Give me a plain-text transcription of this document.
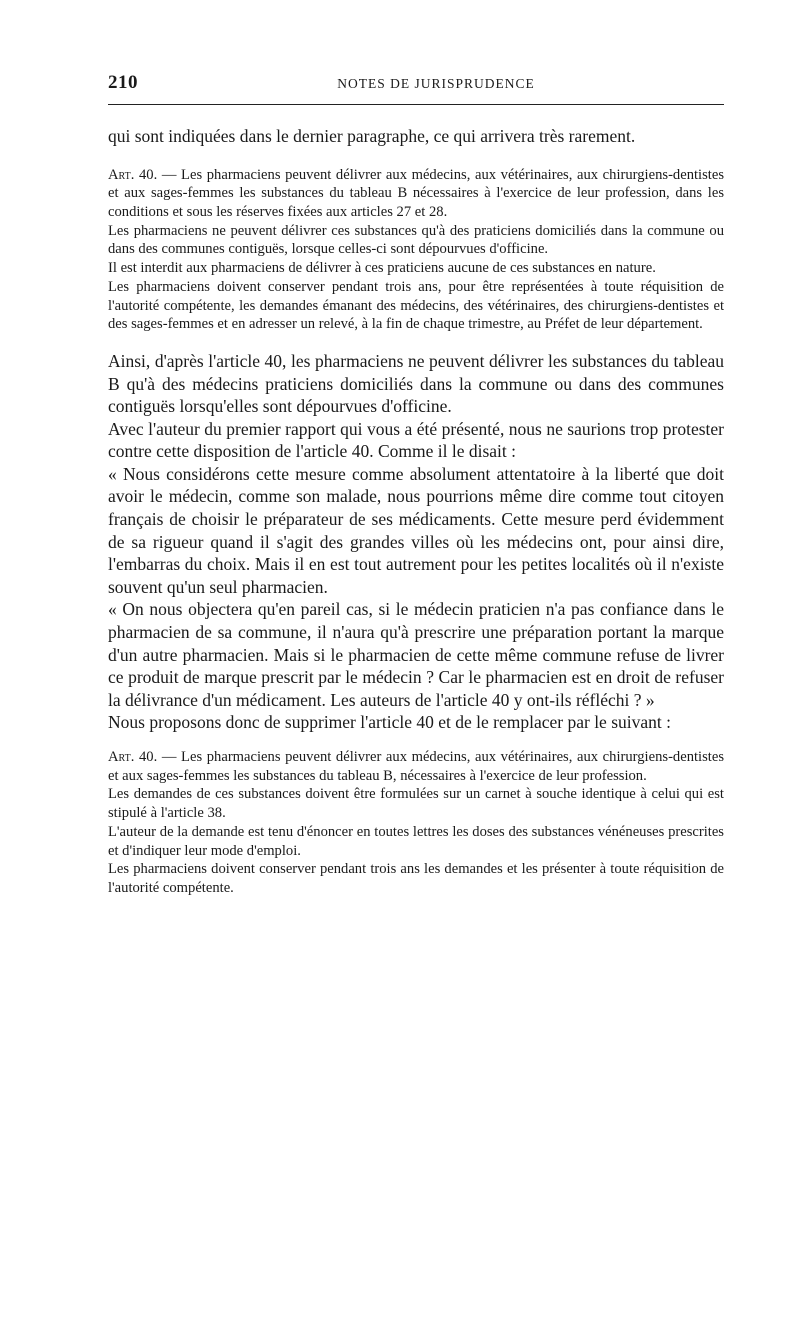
210	NOTES DE JURISPRUDENCE

qui sont indiquées dans le dernier paragraphe, ce qui arrivera très rarement.

Art. 40. — Les pharmaciens peuvent délivrer aux médecins, aux vétérinaires, aux chirurgiens-dentistes et aux sages-femmes les substances du tableau B nécessaires à l'exercice de leur profession, dans les conditions et sous les réserves fixées aux articles 27 et 28.

Les pharmaciens ne peuvent délivrer ces substances qu'à des praticiens domiciliés dans la commune ou dans des communes contiguës, lorsque celles-ci sont dépourvues d'officine.

Il est interdit aux pharmaciens de délivrer à ces praticiens aucune de ces substances en nature.

Les pharmaciens doivent conserver pendant trois ans, pour être représentées à toute réquisition de l'autorité compétente, les demandes émanant des médecins, des vétérinaires, des chirurgiens-dentistes et des sages-femmes et en adresser un relevé, à la fin de chaque trimestre, au Préfet de leur département.

Ainsi, d'après l'article 40, les pharmaciens ne peuvent délivrer les substances du tableau B qu'à des médecins praticiens domiciliés dans la commune ou dans des communes contiguës lorsqu'elles sont dépourvues d'officine.

Avec l'auteur du premier rapport qui vous a été présenté, nous ne saurions trop protester contre cette disposition de l'article 40. Comme il le disait :

« Nous considérons cette mesure comme absolument attentatoire à la liberté que doit avoir le médecin, comme son malade, nous pourrions même dire comme tout citoyen français de choisir le préparateur de ses médicaments. Cette mesure perd évidemment de sa rigueur quand il s'agit des grandes villes où les médecins ont, pour ainsi dire, l'embarras du choix. Mais il en est tout autrement pour les petites localités où il n'existe souvent qu'un seul pharmacien.

« On nous objectera qu'en pareil cas, si le médecin praticien n'a pas confiance dans le pharmacien de sa commune, il n'aura qu'à prescrire une préparation portant la marque d'un autre pharmacien. Mais si le pharmacien de cette même commune refuse de livrer ce produit de marque prescrit par le médecin ? Car le pharmacien est en droit de refuser la délivrance d'un médicament. Les auteurs de l'article 40 y ont-ils réfléchi ? »

Nous proposons donc de supprimer l'article 40 et de le remplacer par le suivant :

Art. 40. — Les pharmaciens peuvent délivrer aux médecins, aux vétérinaires, aux chirurgiens-dentistes et aux sages-femmes les substances du tableau B, nécessaires à l'exercice de leur profession.

Les demandes de ces substances doivent être formulées sur un carnet à souche identique à celui qui est stipulé à l'article 38.

L'auteur de la demande est tenu d'énoncer en toutes lettres les doses des substances vénéneuses prescrites et d'indiquer leur mode d'emploi.

Les pharmaciens doivent conserver pendant trois ans les demandes et les présenter à toute réquisition de l'autorité compétente.
